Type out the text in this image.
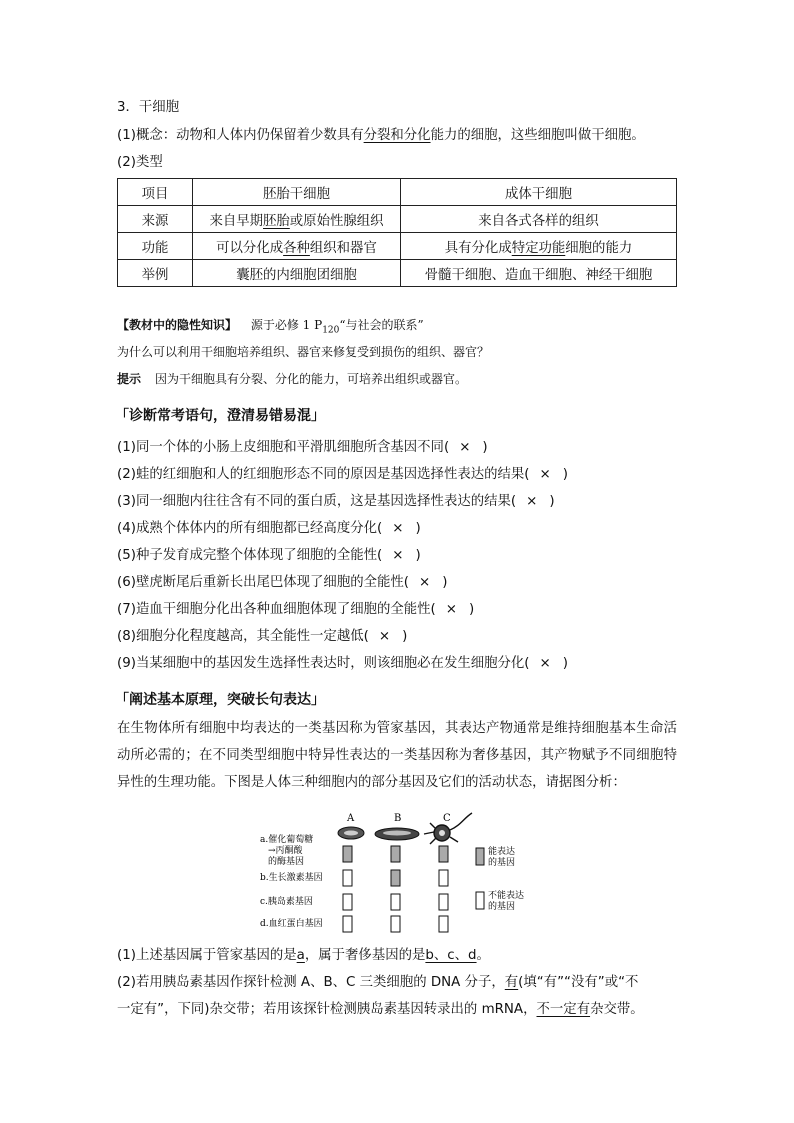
3．干细胞
(1)概念：动物和人体内仍保留着少数具有分裂和分化能力的细胞，这些细胞叫做干细胞。
(2)类型
项目	胚胎干细胞	成体干细胞
来源	来自早期胚胎或原始性腺组织	来自各式各样的组织
功能	可以分化成各种组织和器官	具有分化成特定功能细胞的能力
举例	囊胚的内细胞团细胞	骨髓干细胞、造血干细胞、神经干细胞
【教材中的隐性知识】 源于必修 1 $P_{120}“$与社会的联系”
为什么可以利用干细胞培养组织、器官来修复受到损伤的组织、器官？
提示 因为干细胞具有分裂、分化的能力，可培养出组织或器官。
「诊断常考语句，澄清易错易混」
(1)同一个体的小肠上皮细胞和平滑肌细胞所含基因不同( × )
(2)蛙的红细胞和人的红细胞形态不同的原因是基因选择性表达的结果( × )
(3)同一细胞内往往含有不同的蛋白质，这是基因选择性表达的结果( × )
(4)成熟个体体内的所有细胞都已经高度分化( × )
(5)种子发育成完整个体体现了细胞的全能性( × )
(6)壁虎断尾后重新长出尾巴体现了细胞的全能性( × )
(7)造血干细胞分化出各种血细胞体现了细胞的全能性( × )
(8)细胞分化程度越高，其全能性一定越低( × )
(9)当某细胞中的基因发生选择性表达时，则该细胞必在发生细胞分化( × )
「阐述基本原理，突破长句表达」
在生物体所有细胞中均表达的一类基因称为管家基因，其表达产物通常是维持细胞基本生命活动所必需的；在不同类型细胞中特异性表达的一类基因称为奢侈基因，其产物赋予不同细胞特异性的生理功能。下图是人体三种细胞内的部分基因及它们的活动状态，请据图分析：
A	B	C
a.催化葡萄糖
→丙酮酸
的酶基因
b.生长激素基因
c.胰岛素基因
d.血红蛋白基因
能表达
的基因
不能表达
的基因
(1)上述基因属于管家基因的是a，属于奢侈基因的是b、c、d。
(2)若用胰岛素基因作探针检测 A、B、C 三类细胞的 DNA 分子，有(填“有”“没有”或“不
一定有”，下同)杂交带；若用该探针检测胰岛素基因转录出的 mRNA，不一定有杂交带。
